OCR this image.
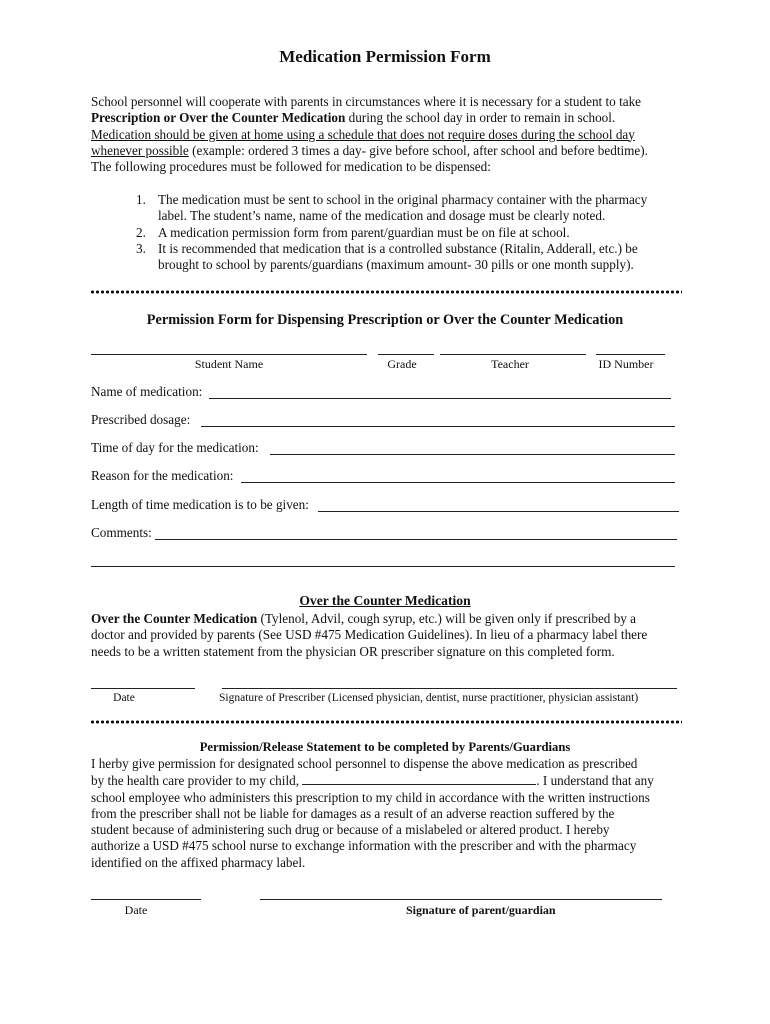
Medication Permission Form
School personnel will cooperate with parents in circumstances where it is necessary for a student to take
Prescription or Over the Counter Medication during the school day in order to remain in school.
Medication should be given at home using a schedule that does not require doses during the school day
whenever possible (example: ordered 3 times a day- give before school, after school and before bedtime).
The following procedures must be followed for medication to be dispensed:
1. The medication must be sent to school in the original pharmacy container with the pharmacy
label. The student’s name, name of the medication and dosage must be clearly noted.
2. A medication permission form from parent/guardian must be on file at school.
3. It is recommended that medication that is a controlled substance (Ritalin, Adderall, etc.) be
brought to school by parents/guardians (maximum amount- 30 pills or one month supply).
Permission Form for Dispensing Prescription or Over the Counter Medication
Student Name	Grade	Teacher	ID Number
Name of medication:
Prescribed dosage:
Time of day for the medication:
Reason for the medication:
Length of time medication is to be given:
Comments:
Over the Counter Medication
Over the Counter Medication (Tylenol, Advil, cough syrup, etc.) will be given only if prescribed by a
doctor and provided by parents (See USD #475 Medication Guidelines). In lieu of a pharmacy label there
needs to be a written statement from the physician OR prescriber signature on this completed form.
Date	Signature of Prescriber (Licensed physician, dentist, nurse practitioner, physician assistant)
Permission/Release Statement to be completed by Parents/Guardians
I herby give permission for designated school personnel to dispense the above medication as prescribed
by the health care provider to my child,	. I understand that any
school employee who administers this prescription to my child in accordance with the written instructions
from the prescriber shall not be liable for damages as a result of an adverse reaction suffered by the
student because of administering such drug or because of a mislabeled or altered product. I hereby
authorize a USD #475 school nurse to exchange information with the prescriber and with the pharmacy
identified on the affixed pharmacy label.
Date	Signature of parent/guardian
